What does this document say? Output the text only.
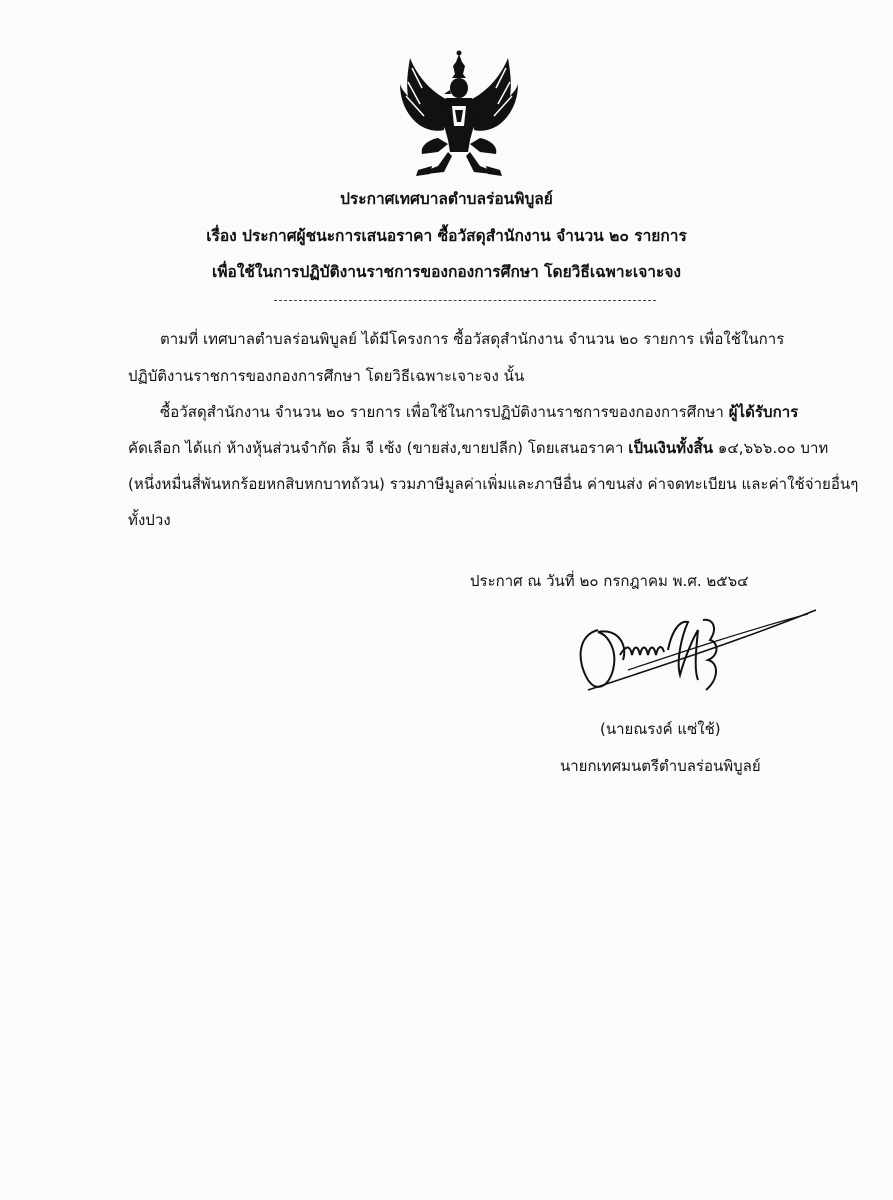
ประกาศเทศบาลตำบลร่อนพิบูลย์
เรื่อง ประกาศผู้ชนะการเสนอราคา ซื้อวัสดุสำนักงาน จำนวน ๒๐ รายการ
เพื่อใช้ในการปฏิบัติงานราชการของกองการศึกษา โดยวิธีเฉพาะเจาะจง
ตามที่ เทศบาลตำบลร่อนพิบูลย์ ได้มีโครงการ ซื้อวัสดุสำนักงาน จำนวน ๒๐ รายการ เพื่อใช้ในการ
ปฏิบัติงานราชการของกองการศึกษา โดยวิธีเฉพาะเจาะจง นั้น
ซื้อวัสดุสำนักงาน จำนวน ๒๐ รายการ เพื่อใช้ในการปฏิบัติงานราชการของกองการศึกษา ผู้ได้รับการ
คัดเลือก ได้แก่ ห้างหุ้นส่วนจำกัด ลิ้ม จี เซ้ง (ขายส่ง,ขายปลีก) โดยเสนอราคา เป็นเงินทั้งสิ้น ๑๔,๖๖๖.๐๐ บาท
(หนึ่งหมื่นสี่พันหกร้อยหกสิบหกบาทถ้วน) รวมภาษีมูลค่าเพิ่มและภาษีอื่น ค่าขนส่ง ค่าจดทะเบียน และค่าใช้จ่ายอื่นๆ
ทั้งปวง
ประกาศ ณ วันที่ ๒๐ กรกฎาคม พ.ศ. ๒๕๖๔
(นายณรงค์ แซ่ใช้)
นายกเทศมนตรีตำบลร่อนพิบูลย์
